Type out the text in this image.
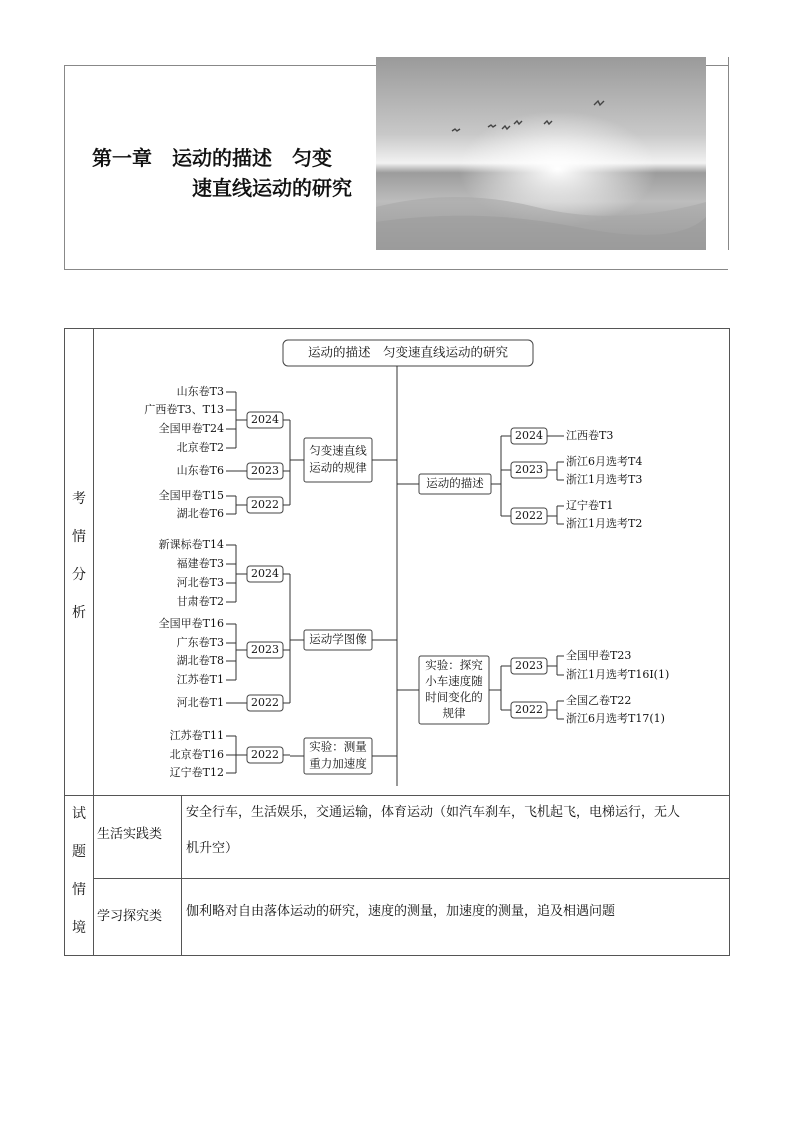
第一章　运动的描述　匀变
速直线运动的研究
考
情
分
析
试
题
情
境
生活实践类
安全行车，生活娱乐，交通运输，体育运动（如汽车刹车，飞机起飞，电梯运行，无人
机升空）
学习探究类 伽利略对自由落体运动的研究，速度的测量，加速度的测量，追及相遇问题
运动的描述　匀变速直线运动的研究
匀变速直线
运动的规律
2024
山东卷T3
广西卷T3、T13
全国甲卷T24
北京卷T2
2023
山东卷T6
2022
全国甲卷T15
湖北卷T6
运动学图像
2024
新课标卷T14
福建卷T3
河北卷T3
甘肃卷T2
2023
全国甲卷T16
广东卷T3
湖北卷T8
江苏卷T1
2022
河北卷T1
实验：测量
重力加速度
2022
江苏卷T11
北京卷T16
辽宁卷T12
运动的描述
2024 江西卷T3
2023
浙江6月选考T4
浙江1月选考T3
2022
辽宁卷T1
浙江1月选考T2
实验：探究
小车速度随
时间变化的
规律
2023
全国甲卷T23
浙江1月选考T16Ⅰ(1)
2022
全国乙卷T22
浙江6月选考T17(1)
